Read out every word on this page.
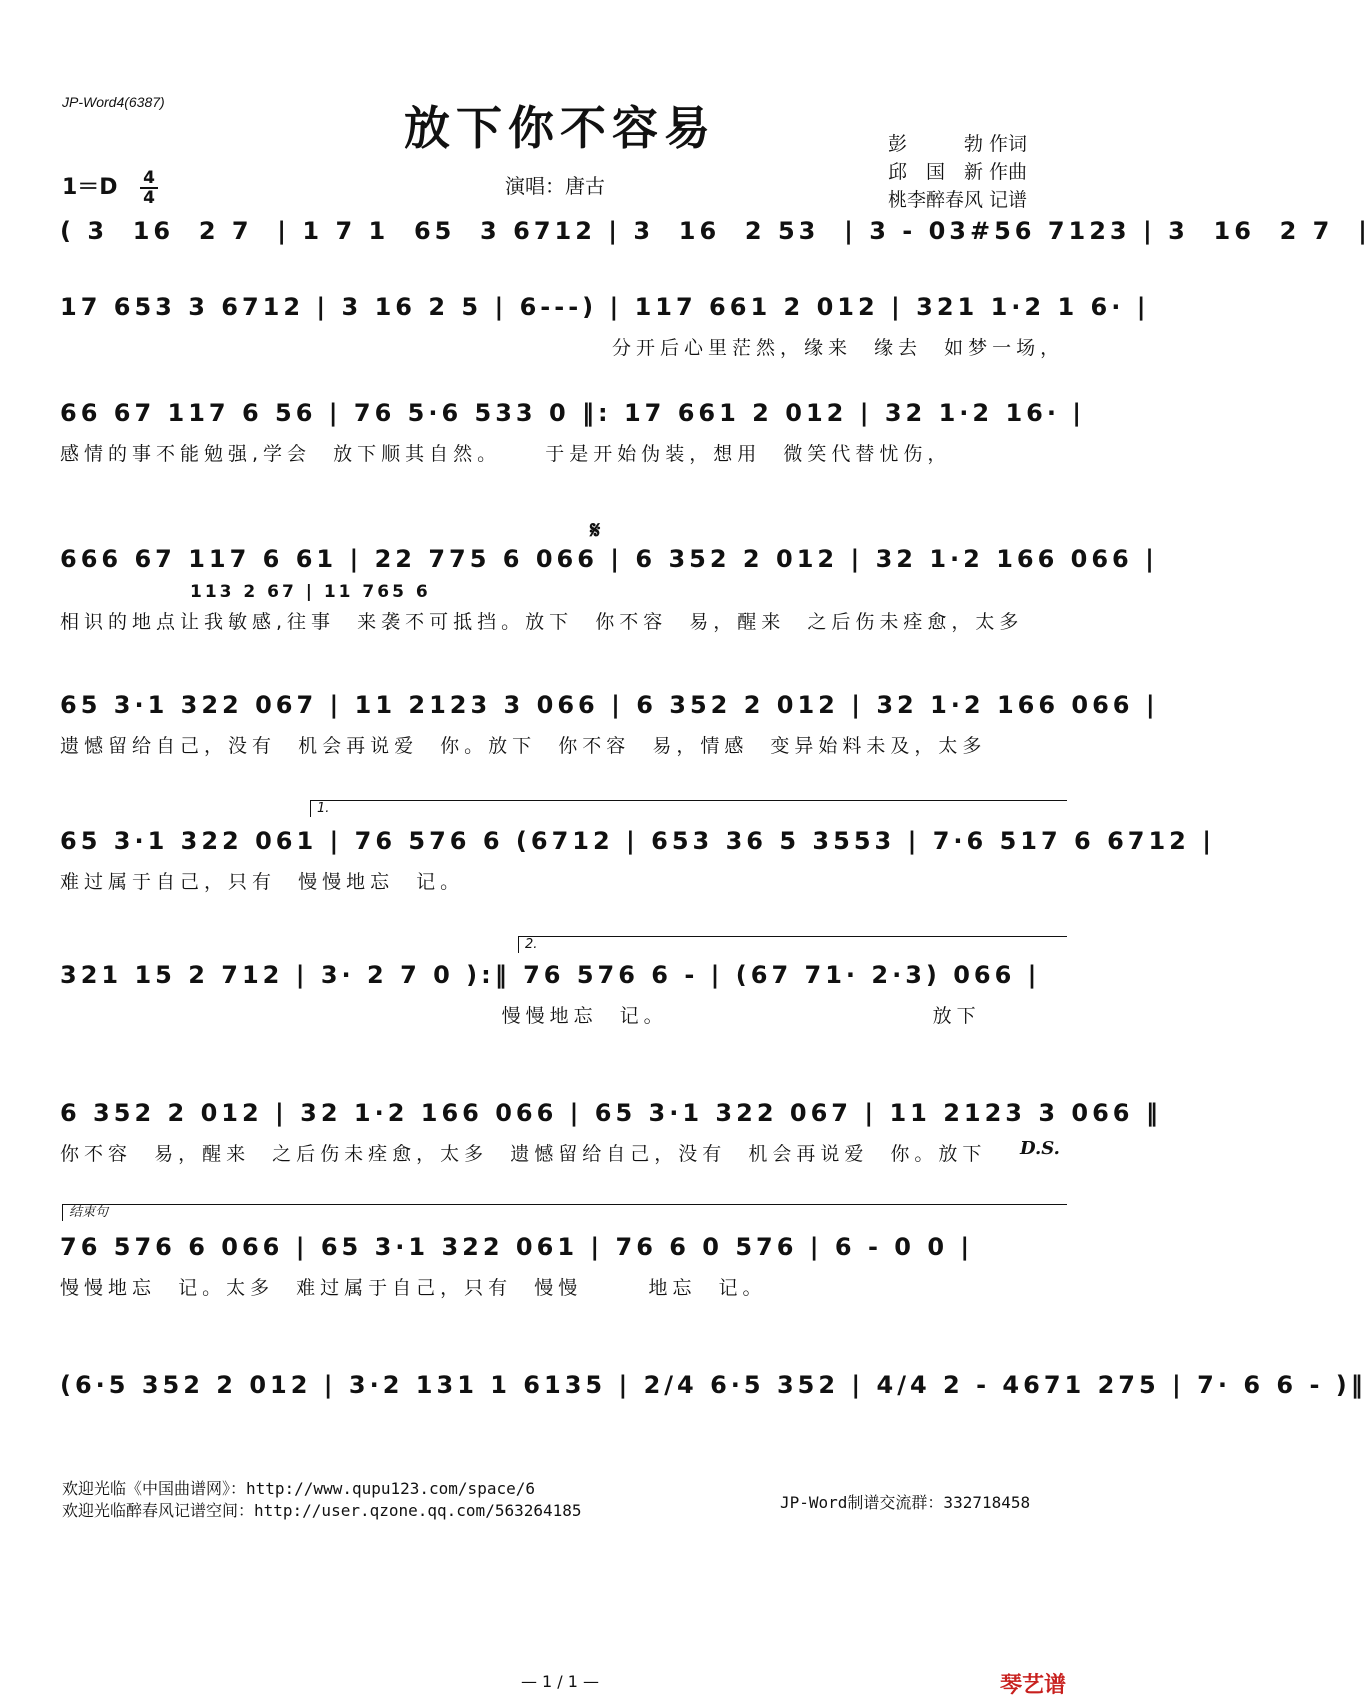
JP-Word4(6387)	放下你不容易	彭　　　勃 作词
邱　国　新 作曲
桃李醉春风 记谱
1＝D 4
4	演唱：唐古
( 3  16  2 7  | 1 7 1  65  3 6712 | 3  16  2 53  | 3 - 03#56 7123 | 3  16  2 7  |
17 653 3 6712 | 3 16 2 5 | 6---) | 117 661 2 012 | 321 1·2 1 6· |
分开后心里茫然，缘来  缘去  如梦一场，
66 67 117 6 56 | 76 5·6 533 0 ‖: 17 661 2 012 | 32 1·2 16· |
感情的事不能勉强,学会  放下顺其自然。    于是开始伪装，想用  微笑代替忧伤，
𝄋
666 67 117 6 61 | 22 775 6 066 | 6 352 2 012 | 32 1·2 166 066 |
113 2 67 | 11 765 6
相识的地点让我敏感,往事  来袭不可抵挡。放下  你不容  易，醒来  之后伤未痊愈，太多
65 3·1 322 067 | 11 2123 3 066 | 6 352 2 012 | 32 1·2 166 066 |
遗憾留给自己，没有  机会再说爱  你。放下  你不容  易，情感  变异始料未及，太多
1.
65 3·1 322 061 | 76 576 6 (6712 | 653 36 5 3553 | 7·6 517 6 6712 |
难过属于自己，只有  慢慢地忘  记。
2.
321 15 2 712 | 3· 2 7 0 ):‖ 76 576 6 - | (67 71· 2·3) 066 |
慢慢地忘  记。                        放下
6 352 2 012 | 32 1·2 166 066 | 65 3·1 322 067 | 11 2123 3 066 ‖
你不容  易，醒来  之后伤未痊愈，太多  遗憾留给自己，没有  机会再说爱  你。放下	D.S.
结束句
76 576 6 066 | 65 3·1 322 061 | 76 6 0 576 | 6 - 0 0 |
慢慢地忘  记。太多  难过属于自己，只有  慢慢      地忘  记。
(6·5 352 2 012 | 3·2 131 1 6135 | 2/4 6·5 352 | 4/4 2 - 4671 275 | 7· 6 6 - )‖
欢迎光临《中国曲谱网》：http://www.qupu123.com/space/6
欢迎光临醉春风记谱空间：http://user.qzone.qq.com/563264185	JP-Word制谱交流群：332718458
— 1 / 1 —	琴艺谱
